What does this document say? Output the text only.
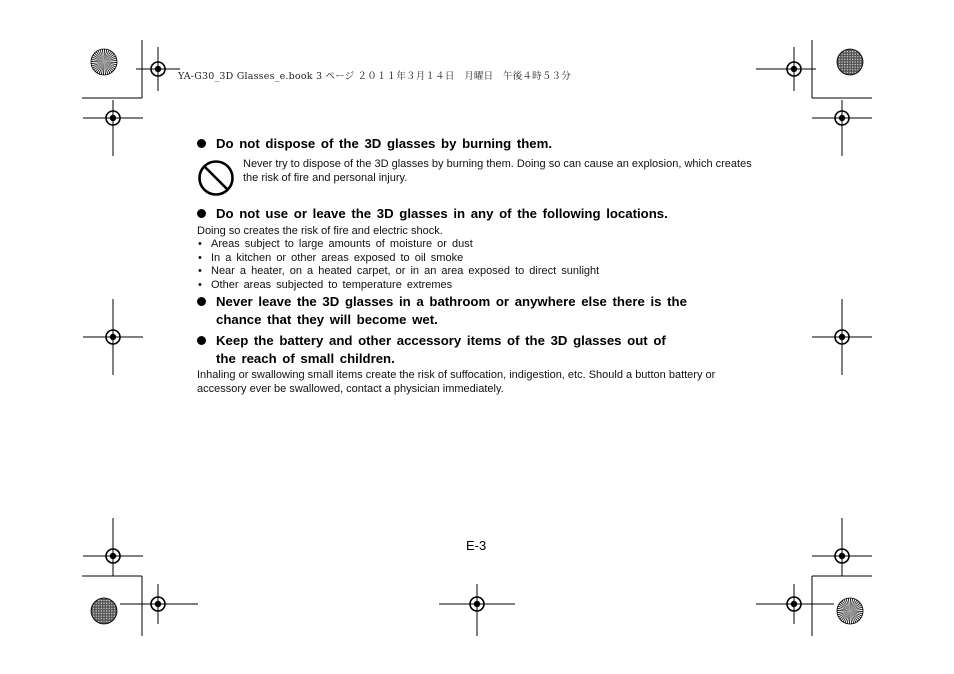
YA-G30_3D Glasses_e.book 3 ページ ２０１１年３月１４日　月曜日　午後４時５３分
Do not dispose of the 3D glasses by burning them.
Never try to dispose of the 3D glasses by burning them. Doing so can cause an explosion, which creates the risk of fire and personal injury.
Do not use or leave the 3D glasses in any of the following locations.
Doing so creates the risk of fire and electric shock.
• Areas subject to large amounts of moisture or dust
• In a kitchen or other areas exposed to oil smoke
• Near a heater, on a heated carpet, or in an area exposed to direct sunlight
• Other areas subjected to temperature extremes
Never leave the 3D glasses in a bathroom or anywhere else there is the
chance that they will become wet.
Keep the battery and other accessory items of the 3D glasses out of
the reach of small children.
Inhaling or swallowing small items create the risk of suffocation, indigestion, etc. Should a button battery or accessory ever be swallowed, contact a physician immediately.
E-3
